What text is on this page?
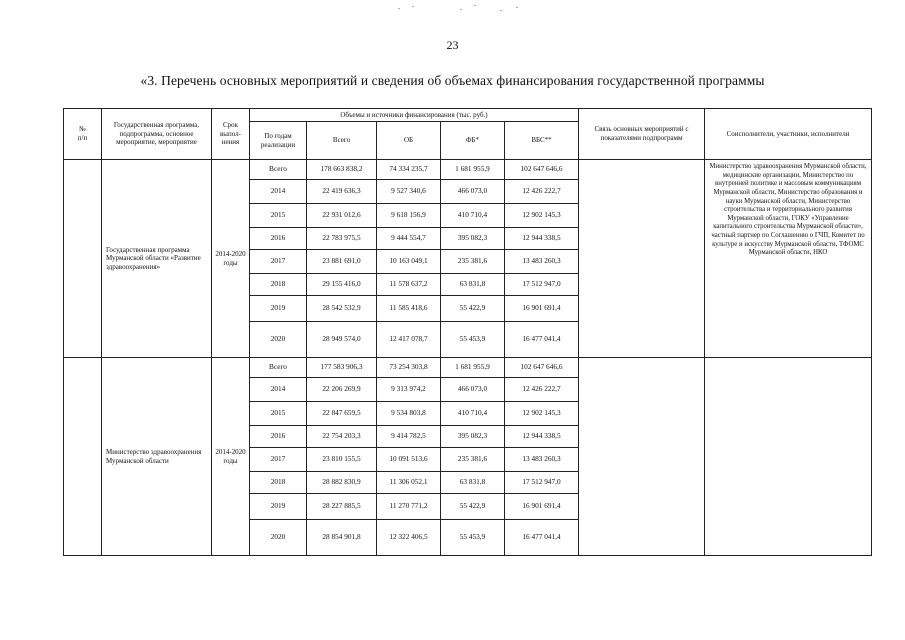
23
«3. Перечень основных мероприятий и сведения об объемах финансирования государственной программы
№
п/п	Государственная программа, подпрограмма, основное мероприятие, мероприятие	Срок выпол-нения	Объемы и источники финансирования (тыс. руб.)					Связь основных мероприятий с показателями подпрограмм	Соисполнители, участники, исполнители
			По годам реализации	Всего	ОБ	ФБ*	ВБС**		
	Государственная программа Мурманской области «Развитие здравоохранения»	2014-2020 годы	Всего	178 663 838,2	74 334 235,7	1 681 955,9	102 647 646,6		Министерство здравоохранения Мурманской области, медицинские организации, Министерство по внутренней политике и массовым коммуникациям Мурманской области, Министерство образования и науки Мурманской области, Министерство строительства и территориального развития Мурманской области, ГОКУ «Управление капитального строительства Мурманской области», частный партнер по Соглашению о ГЧП, Комитет по культуре и искусству Мурманской области, ТФОМС Мурманской области, НКО
			2014	22 419 636,3	9 527 340,6	466 073,0	12 426 222,7		
			2015	22 931 012,6	9 618 156,9	410 710,4	12 902 145,3		
			2016	22 783 975,5	9 444 554,7	395 082,3	12 944 338,5		
			2017	23 881 691,0	10 163 049,1	235 381,6	13 483 260,3		
			2018	29 155 416,0	11 578 637,2	63 831,8	17 512 947,0		
			2019	28 542 532,9	11 585 418,6	55 422,9	16 901 691,4		
			2020	28 949 574,0	12 417 078,7	55 453,9	16 477 041,4		
	Министерство здравоохранения Мурманской области	2014-2020 годы	Всего	177 583 906,3	73 254 303,8	1 681 955,9	102 647 646,6		
			2014	22 206 269,9	9 313 974,2	466 073,0	12 426 222,7		
			2015	22 847 659,5	9 534 803,8	410 710,4	12 902 145,3		
			2016	22 754 203,3	9 414 782,5	395 082,3	12 944 338,5		
			2017	23 810 155,5	10 091 513,6	235 381,6	13 483 260,3		
			2018	28 882 830,9	11 306 052,1	63 831,8	17 512 947,0		
			2019	28 227 885,5	11 270 771,2	55 422,9	16 901 691,4		
			2020	28 854 901,8	12 322 406,5	55 453,9	16 477 041,4		
